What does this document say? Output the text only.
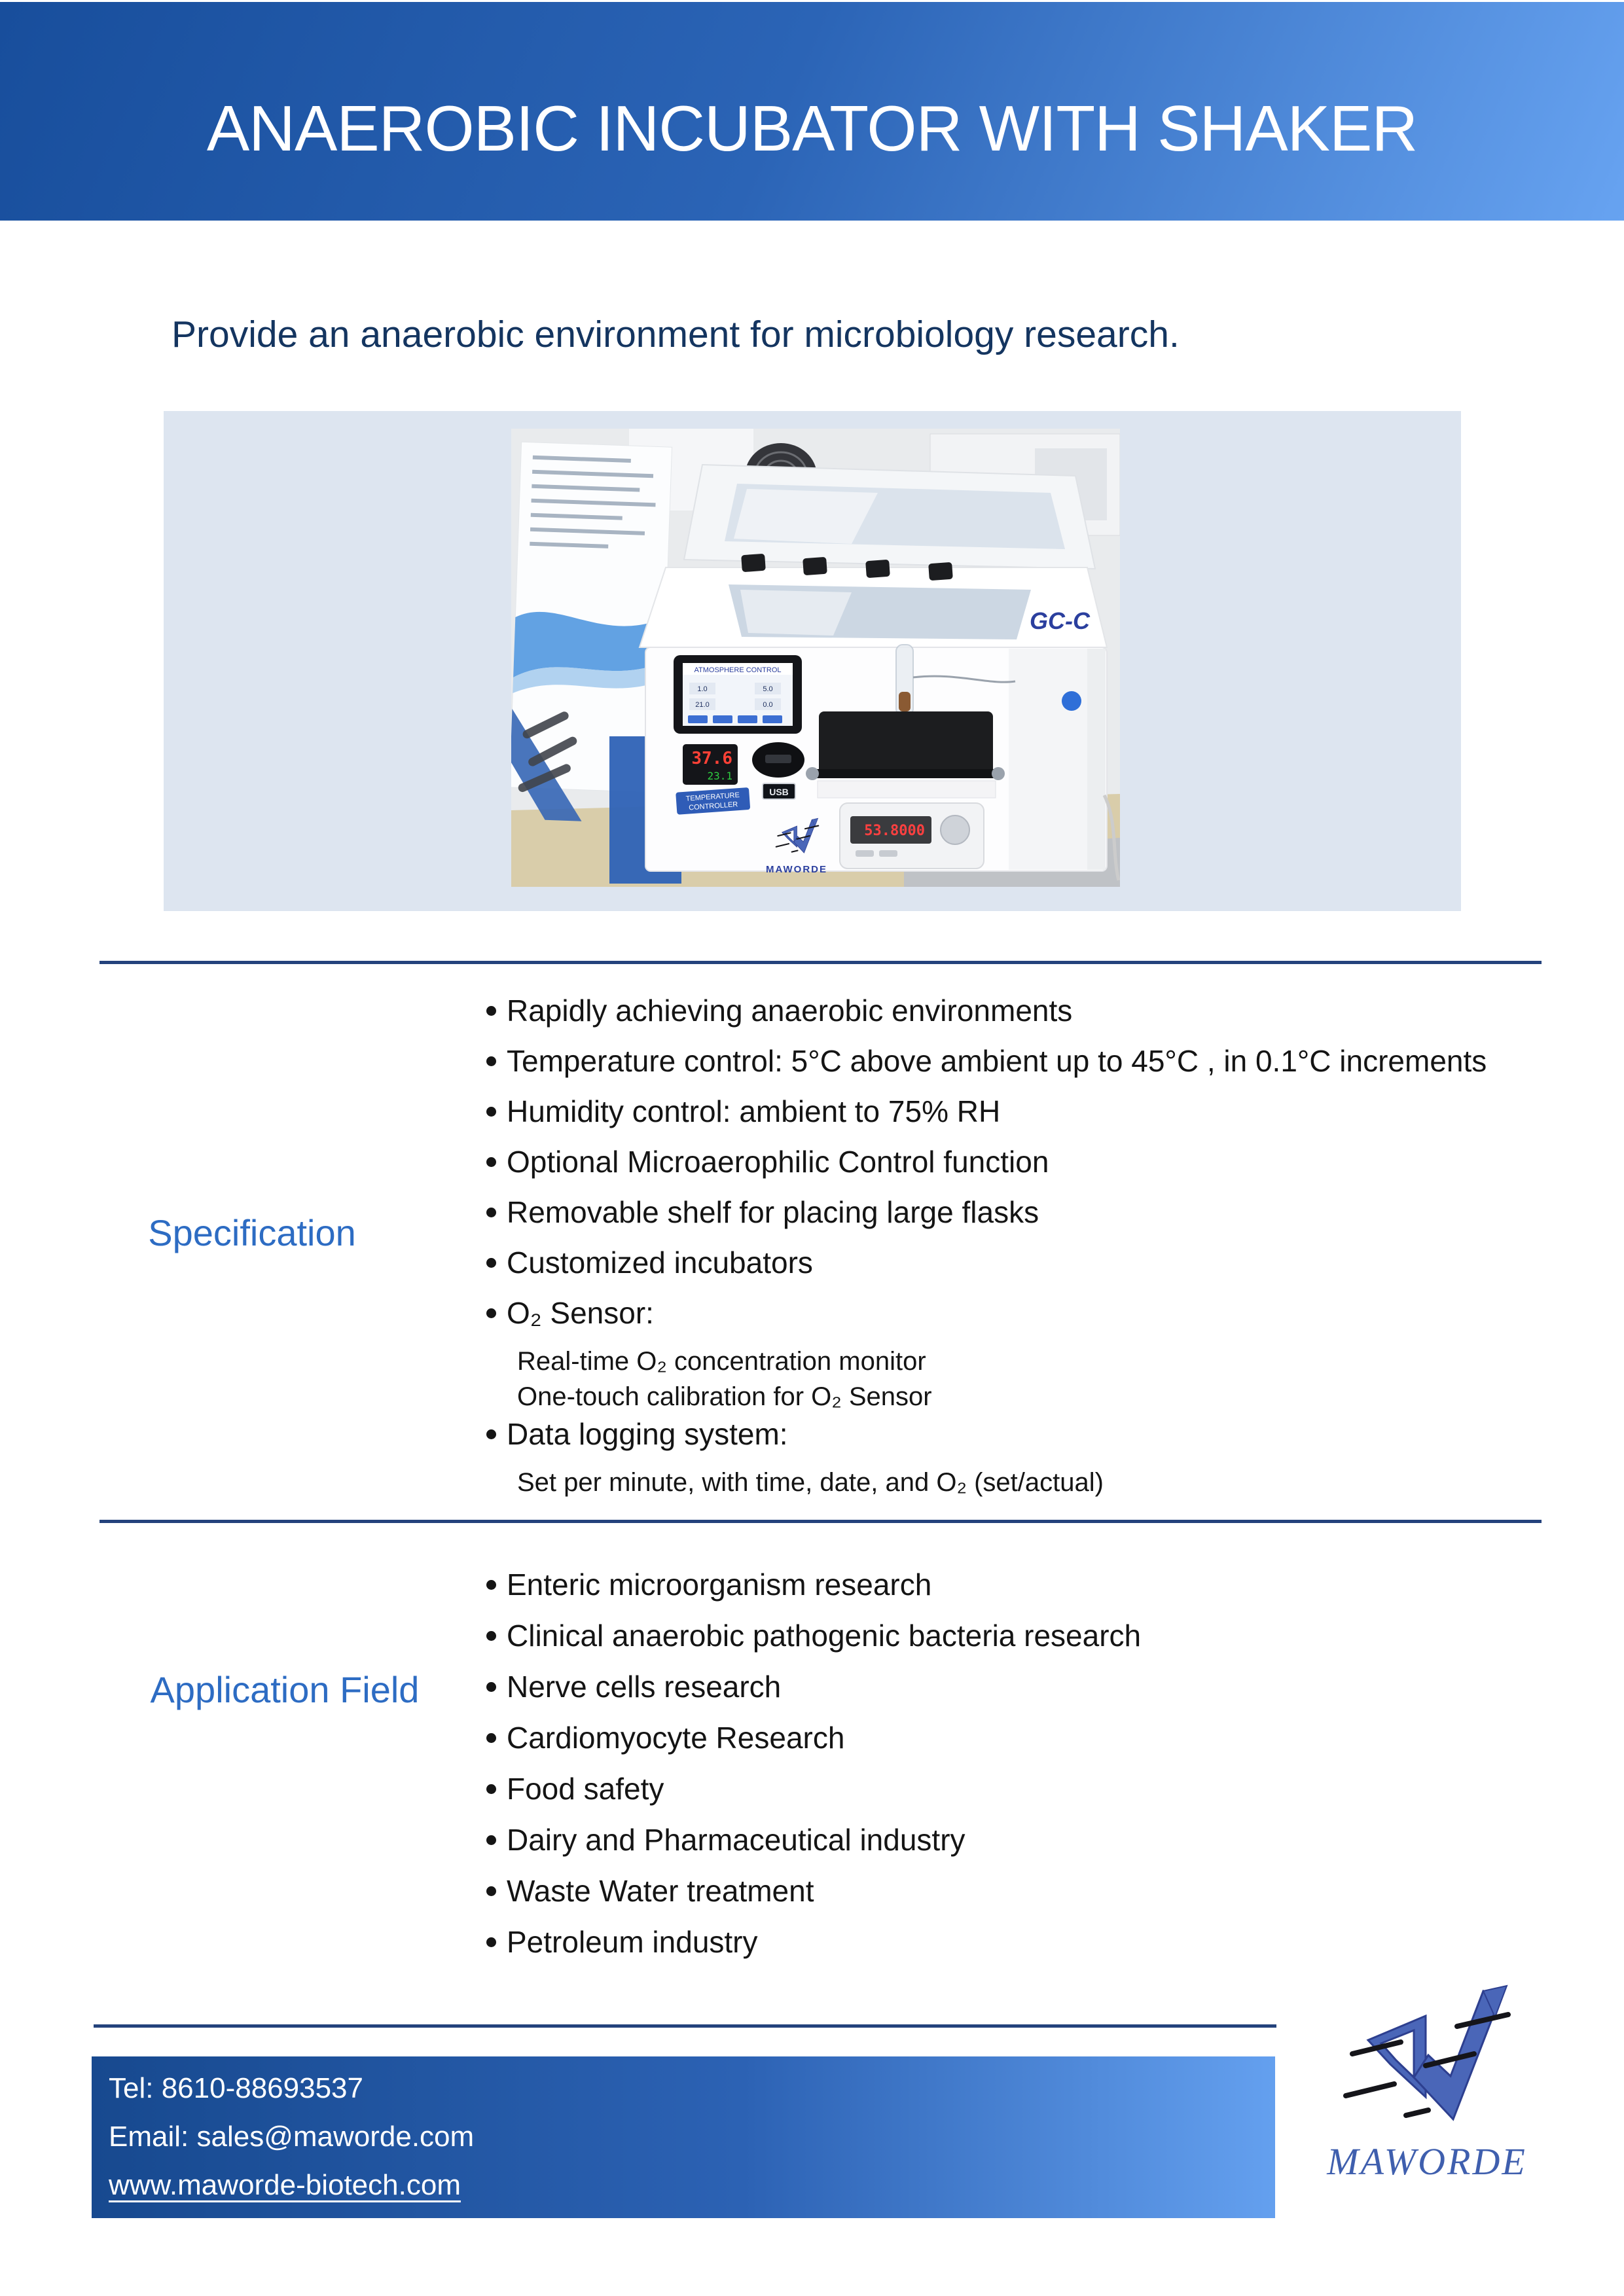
ANAEROBIC INCUBATOR WITH SHAKER
Provide an anaerobic environment for microbiology research.
GC-C
ATMOSPHERE CONTROL
1.0	5.0
21.0	0.0
37.6
23.1
TEMPERATURE
CONTROLLER
USB
53.8000
MAWORDE
Specification
Rapidly achieving anaerobic environments
Temperature control: 5°C above ambient up to 45°C , in 0.1°C increments
Humidity control: ambient to 75% RH
Optional Microaerophilic Control function
Removable shelf for placing large flasks
Customized incubators
O₂ Sensor:
Real-time O₂ concentration monitor
One-touch calibration for O₂ Sensor
Data logging system:
Set per minute, with time, date, and O₂ (set/actual)
Application Field
Enteric microorganism research
Clinical anaerobic pathogenic bacteria research
Nerve cells research
Cardiomyocyte Research
Food safety
Dairy and Pharmaceutical industry
Waste Water treatment
Petroleum industry
Tel: 8610-88693537
Email: sales@maworde.com
www.maworde-biotech.com
MAWORDE
